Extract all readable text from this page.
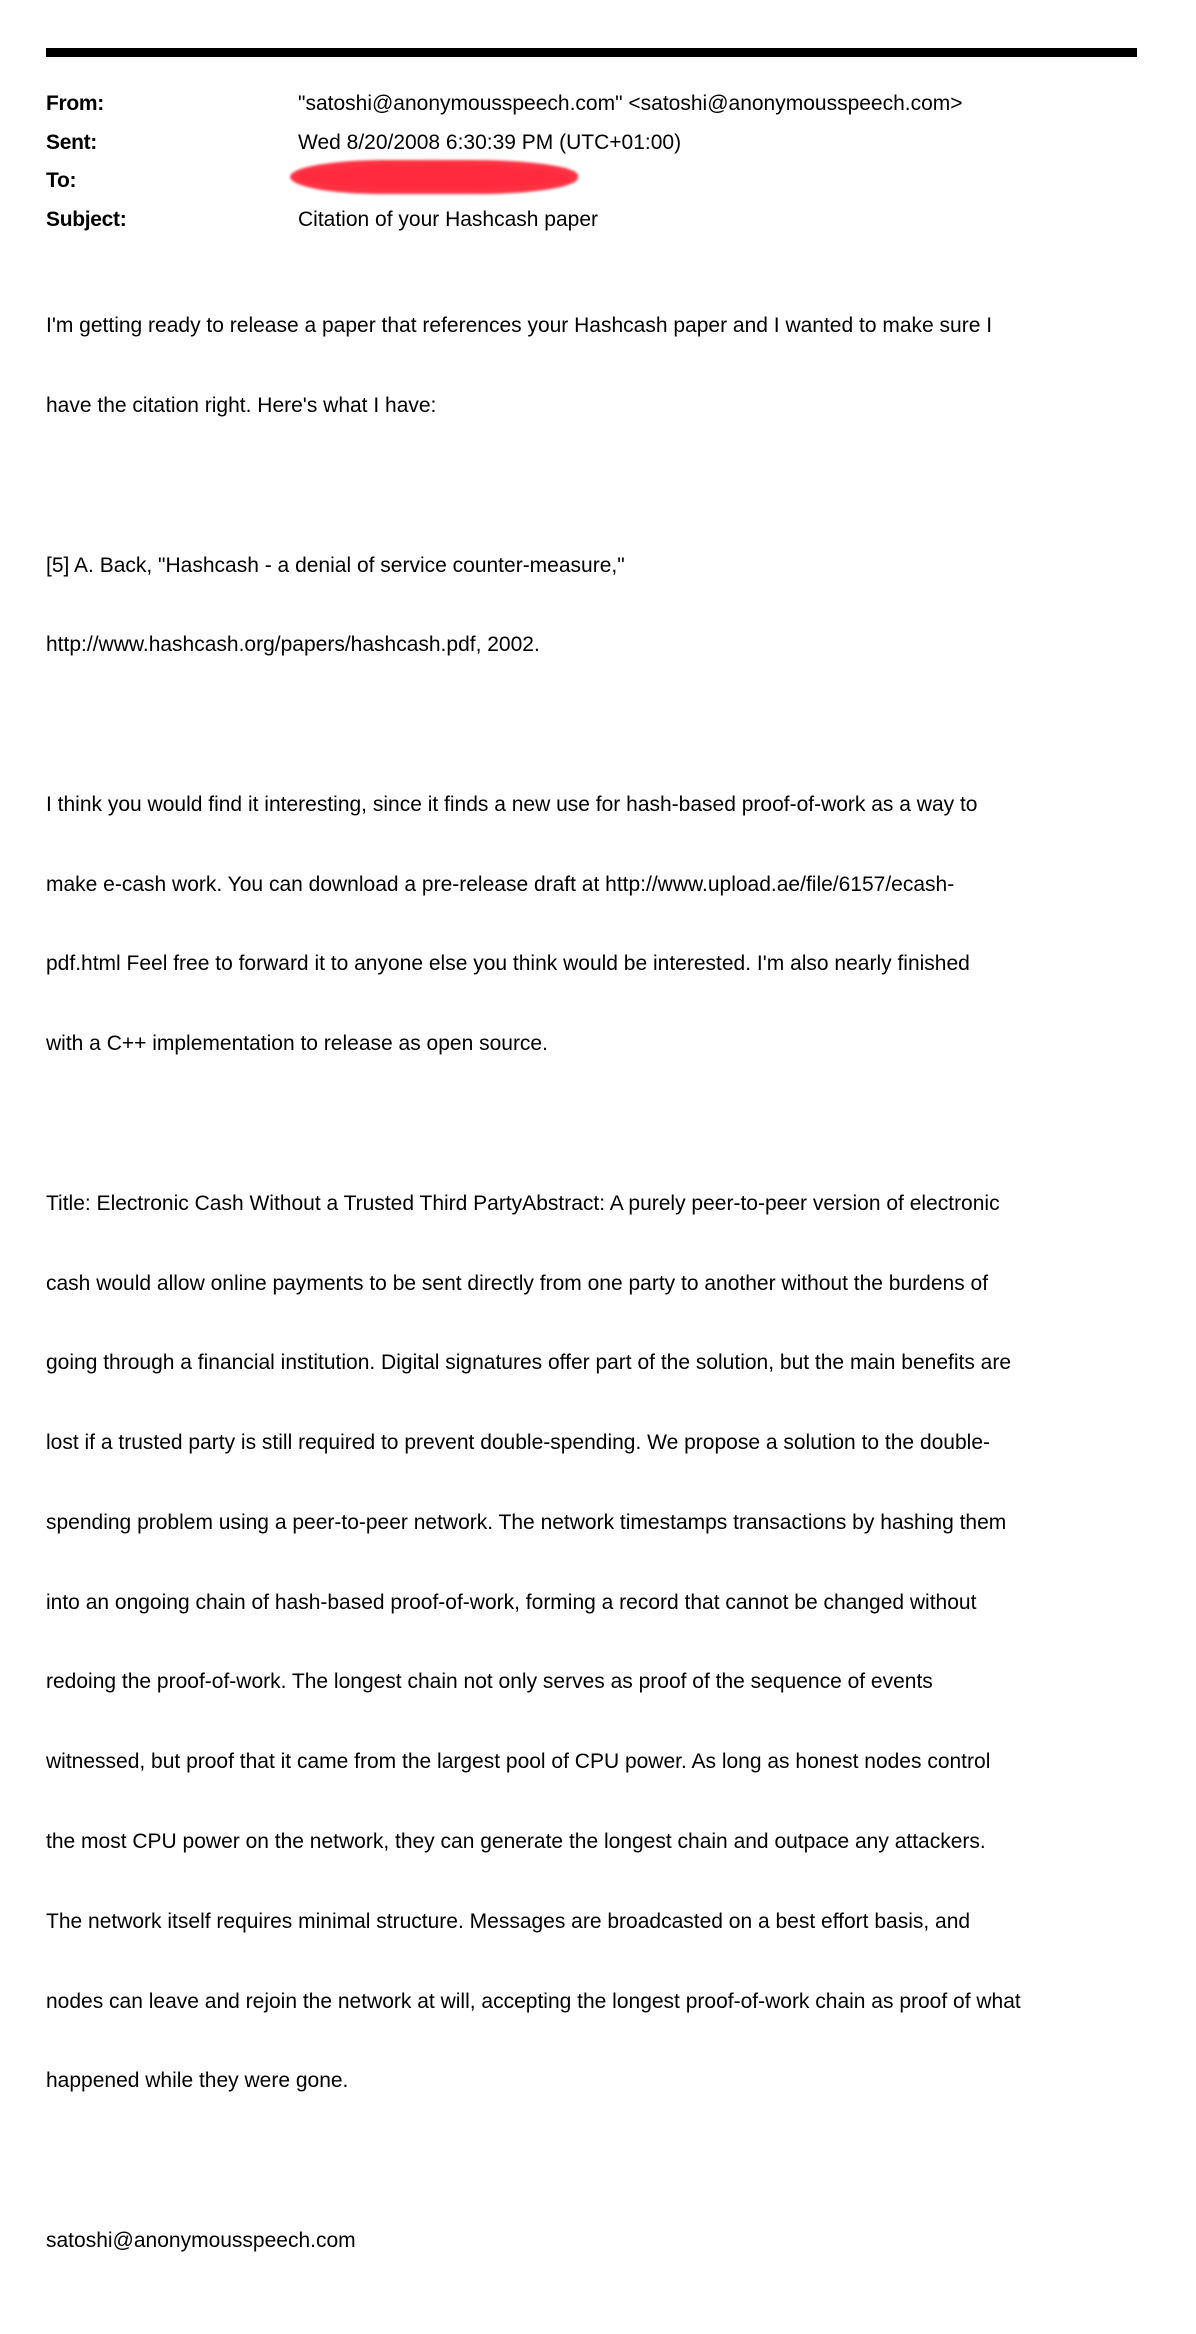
From:	"satoshi@anonymousspeech.com" <satoshi@anonymousspeech.com>
Sent:	Wed 8/20/2008 6:30:39 PM (UTC+01:00)
To:
Subject:	Citation of your Hashcash paper

I'm getting ready to release a paper that references your Hashcash paper and I wanted to make sure I

have the citation right. Here's what I have:

[5] A. Back, "Hashcash - a denial of service counter-measure,"

http://www.hashcash.org/papers/hashcash.pdf, 2002.

I think you would find it interesting, since it finds a new use for hash-based proof-of-work as a way to

make e-cash work. You can download a pre-release draft at http://www.upload.ae/file/6157/ecash-

pdf.html Feel free to forward it to anyone else you think would be interested. I'm also nearly finished

with a C++ implementation to release as open source.

Title: Electronic Cash Without a Trusted Third PartyAbstract: A purely peer-to-peer version of electronic

cash would allow online payments to be sent directly from one party to another without the burdens of

going through a financial institution. Digital signatures offer part of the solution, but the main benefits are

lost if a trusted party is still required to prevent double-spending. We propose a solution to the double-

spending problem using a peer-to-peer network. The network timestamps transactions by hashing them

into an ongoing chain of hash-based proof-of-work, forming a record that cannot be changed without

redoing the proof-of-work. The longest chain not only serves as proof of the sequence of events

witnessed, but proof that it came from the largest pool of CPU power. As long as honest nodes control

the most CPU power on the network, they can generate the longest chain and outpace any attackers.

The network itself requires minimal structure. Messages are broadcasted on a best effort basis, and

nodes can leave and rejoin the network at will, accepting the longest proof-of-work chain as proof of what

happened while they were gone.

satoshi@anonymousspeech.com
